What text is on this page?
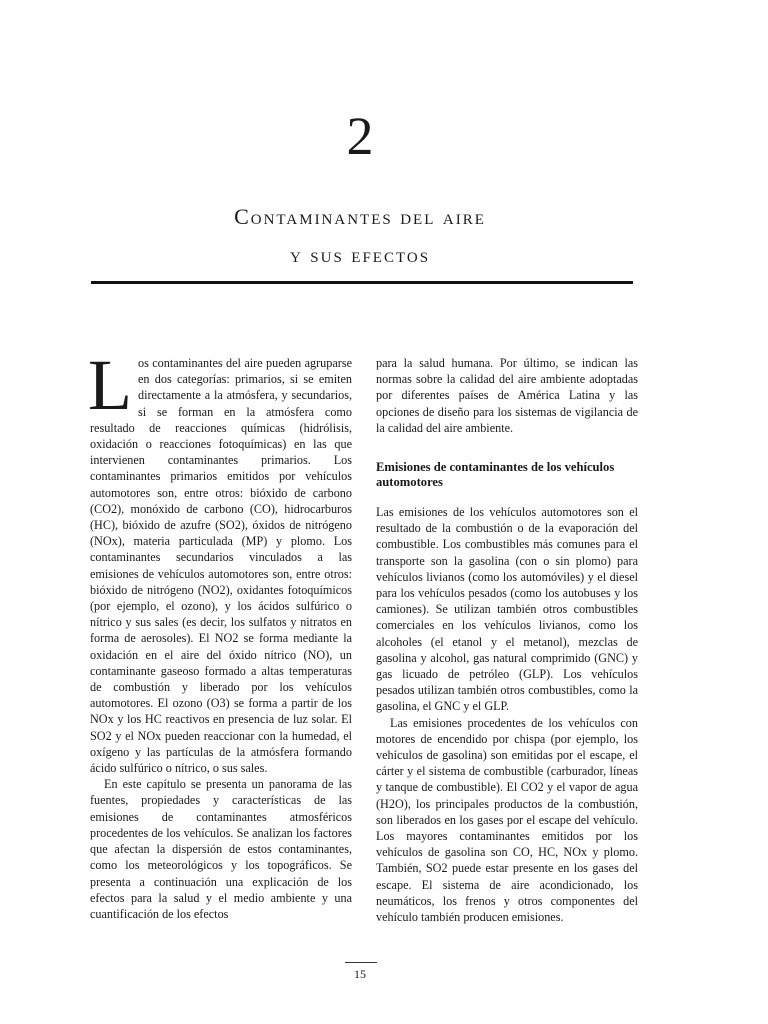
2
Contaminantes del aire
y sus efectos
L os contaminantes del aire pueden agruparse en dos categorías: primarios, si se emiten directamente a la atmósfera, y secundarios, si se forman en la atmósfera como resultado de reacciones químicas (hidrólisis, oxidación o reacciones fotoquímicas) en las que intervienen contaminantes primarios. Los contaminantes primarios emitidos por vehículos automotores son, entre otros: bióxido de carbono (CO2), monóxido de carbono (CO), hidrocarburos (HC), bióxido de azufre (SO2), óxidos de nitrógeno (NOx), materia particulada (MP) y plomo. Los contaminantes secundarios vinculados a las emisiones de vehículos automotores son, entre otros: bióxido de nitrógeno (NO2), oxidantes fotoquímicos (por ejemplo, el ozono), y los ácidos sulfúrico o nítrico y sus sales (es decir, los sulfatos y nitratos en forma de aerosoles). El NO2 se forma mediante la oxidación en el aire del óxido nítrico (NO), un contaminante gaseoso formado a altas temperaturas de combustión y liberado por los vehículos automotores. El ozono (O3) se forma a partir de los NOx y los HC reactivos en presencia de luz solar. El SO2 y el NOx pueden reaccionar con la humedad, el oxígeno y las partículas de la atmósfera formando ácido sulfúrico o nítrico, o sus sales.

En este capítulo se presenta un panorama de las fuentes, propiedades y características de las emisiones de contaminantes atmosféricos procedentes de los vehículos. Se analizan los factores que afectan la dispersión de estos contaminantes, como los meteorológicos y los topográficos. Se presenta a continuación una explicación de los efectos para la salud y el medio ambiente y una cuantificación de los efectos

para la salud humana. Por último, se indican las normas sobre la calidad del aire ambiente adoptadas por diferentes países de América Latina y las opciones de diseño para los sistemas de vigilancia de la calidad del aire ambiente.

Emisiones de contaminantes de los vehículos automotores

Las emisiones de los vehículos automotores son el resultado de la combustión o de la evaporación del combustible. Los combustibles más comunes para el transporte son la gasolina (con o sin plomo) para vehículos livianos (como los automóviles) y el diesel para los vehículos pesados (como los autobuses y los camiones). Se utilizan también otros combustibles comerciales en los vehículos livianos, como los alcoholes (el etanol y el metanol), mezclas de gasolina y alcohol, gas natural comprimido (GNC) y gas licuado de petróleo (GLP). Los vehículos pesados utilizan también otros combustibles, como la gasolina, el GNC y el GLP.

Las emisiones procedentes de los vehículos con motores de encendido por chispa (por ejemplo, los vehículos de gasolina) son emitidas por el escape, el cárter y el sistema de combustible (carburador, líneas y tanque de combustible). El CO2 y el vapor de agua (H2O), los principales productos de la combustión, son liberados en los gases por el escape del vehículo. Los mayores contaminantes emitidos por los vehículos de gasolina son CO, HC, NOx y plomo. También, SO2 puede estar presente en los gases del escape. El sistema de aire acondicionado, los neumáticos, los frenos y otros componentes del vehículo también producen emisiones.

15
